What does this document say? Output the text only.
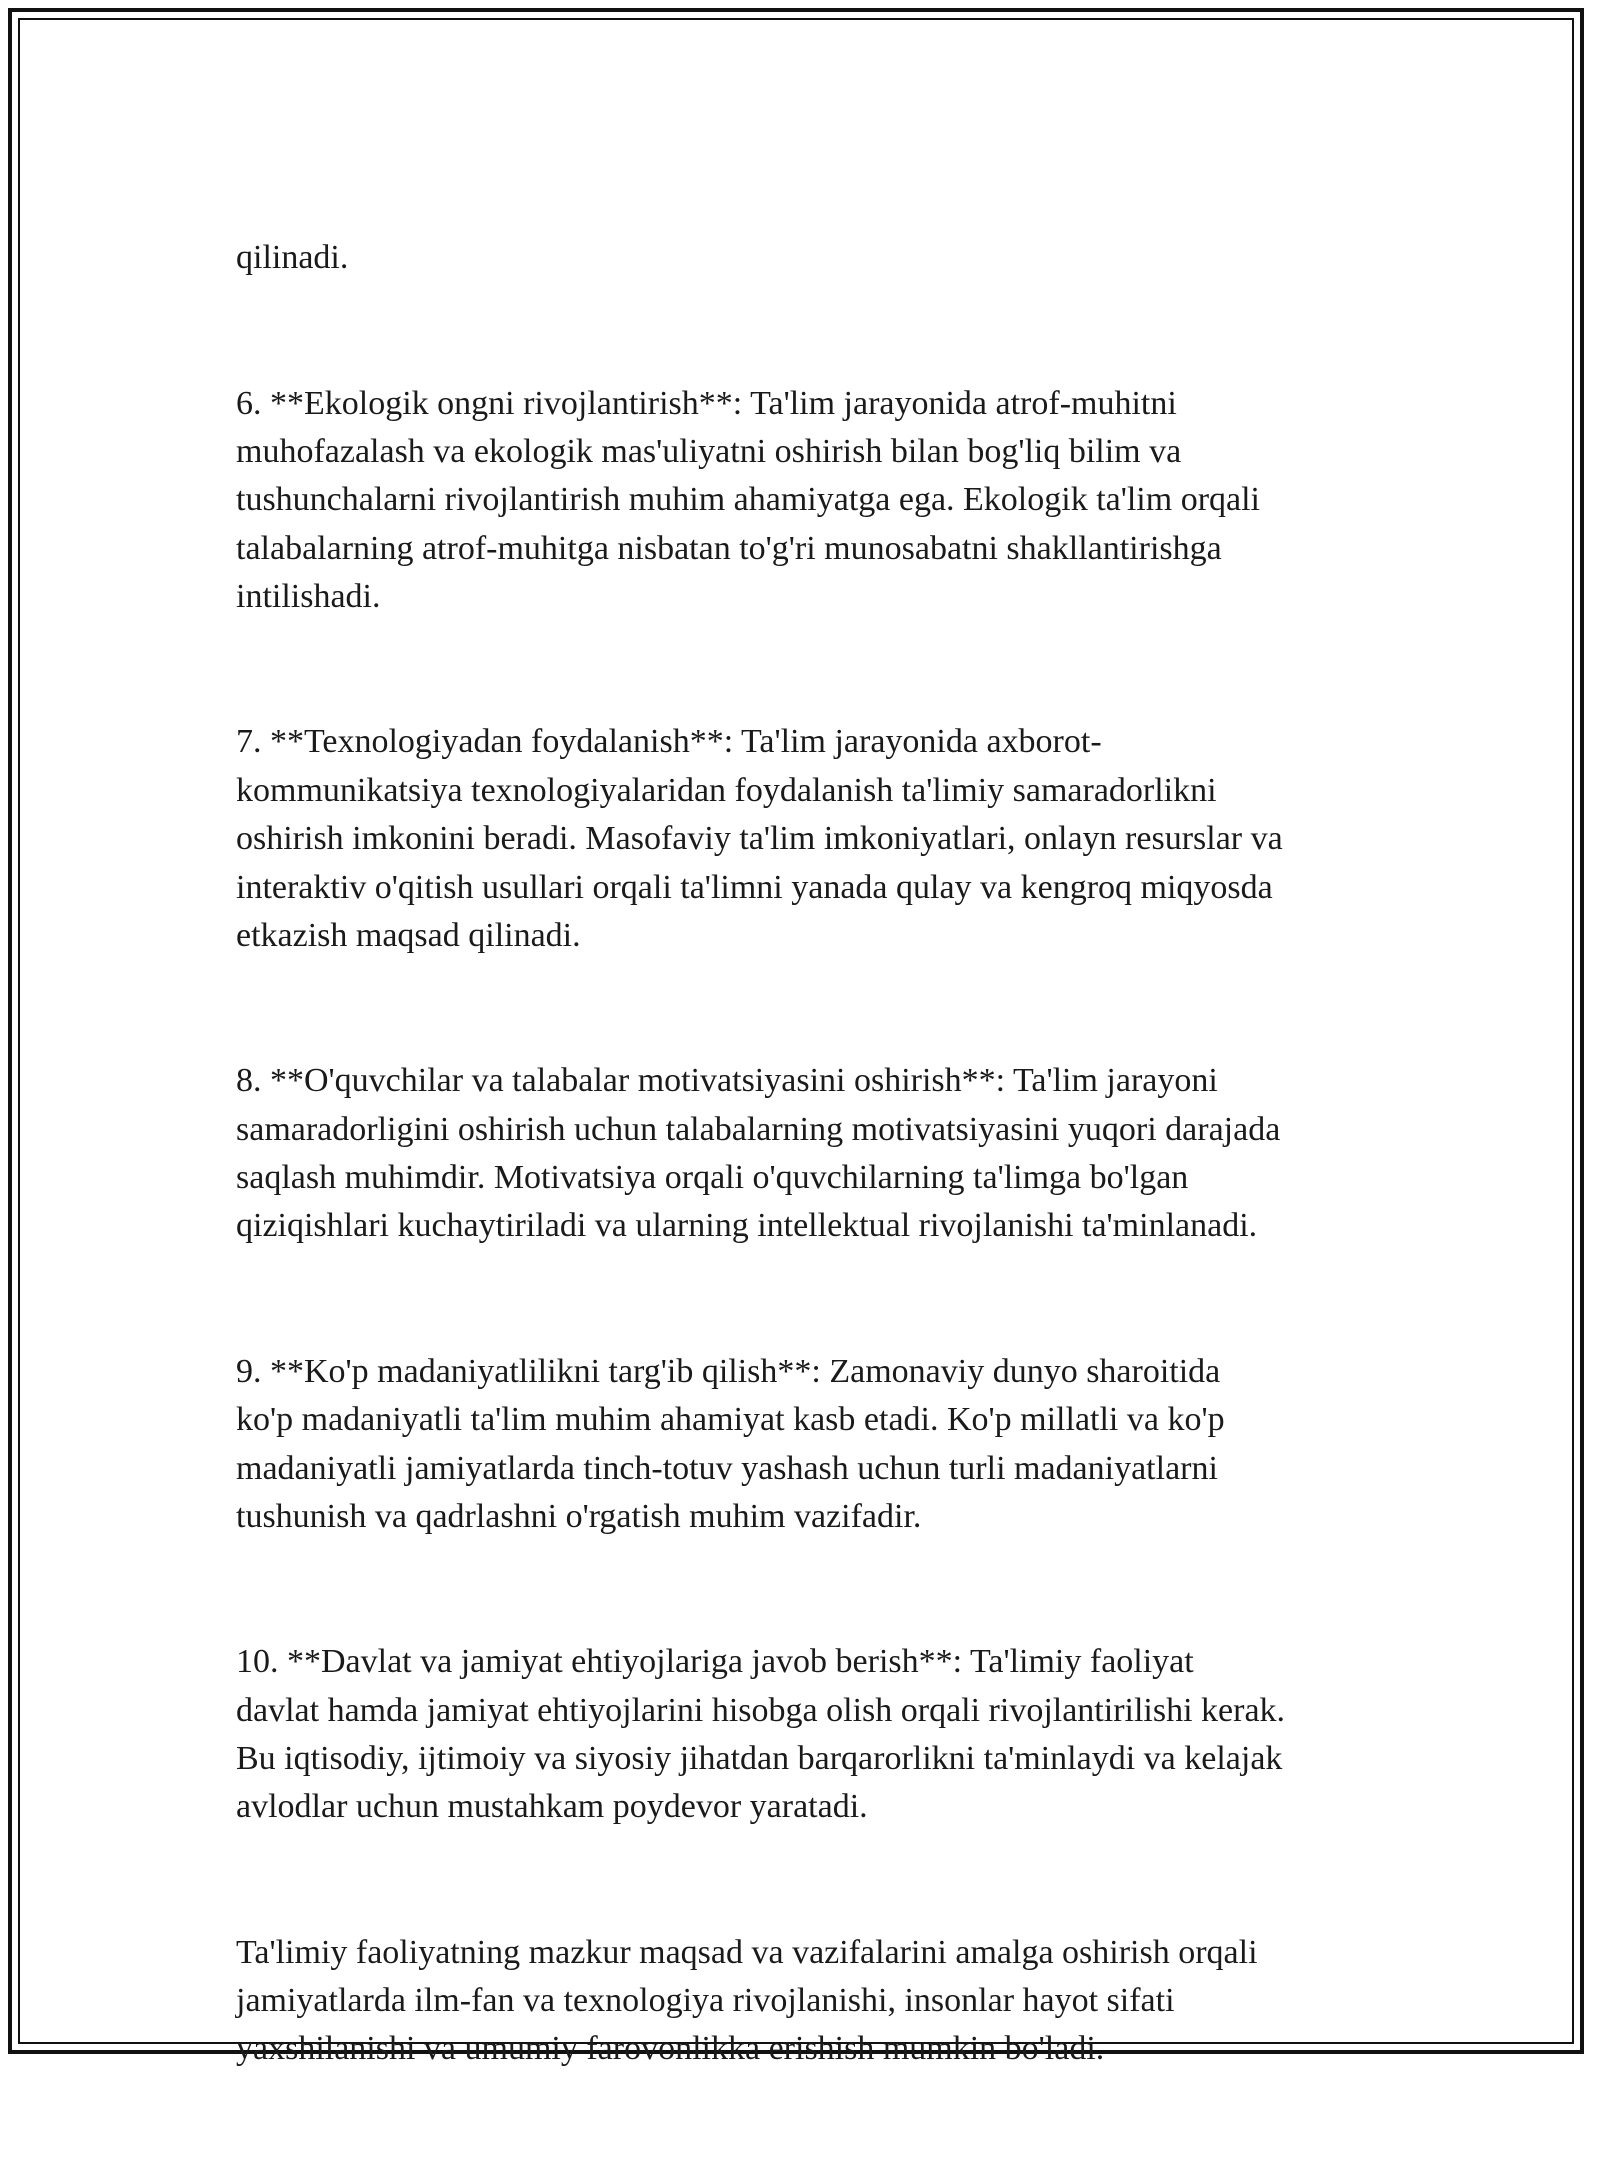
qilinadi.

6. **Ekologik ongni rivojlantirish**: Ta'lim jarayonida atrof-muhitni
muhofazalash va ekologik mas'uliyatni oshirish bilan bog'liq bilim va
tushunchalarni rivojlantirish muhim ahamiyatga ega. Ekologik ta'lim orqali
talabalarning atrof-muhitga nisbatan to'g'ri munosabatni shakllantirishga
intilishadi.

7. **Texnologiyadan foydalanish**: Ta'lim jarayonida axborot-
kommunikatsiya texnologiyalaridan foydalanish ta'limiy samaradorlikni
oshirish imkonini beradi. Masofaviy ta'lim imkoniyatlari, onlayn resurslar va
interaktiv o'qitish usullari orqali ta'limni yanada qulay va kengroq miqyosda
etkazish maqsad qilinadi.

8. **O'quvchilar va talabalar motivatsiyasini oshirish**: Ta'lim jarayoni
samaradorligini oshirish uchun talabalarning motivatsiyasini yuqori darajada
saqlash muhimdir. Motivatsiya orqali o'quvchilarning ta'limga bo'lgan
qiziqishlari kuchaytiriladi va ularning intellektual rivojlanishi ta'minlanadi.

9. **Ko'p madaniyatlilikni targ'ib qilish**: Zamonaviy dunyo sharoitida
ko'p madaniyatli ta'lim muhim ahamiyat kasb etadi. Ko'p millatli va ko'p
madaniyatli jamiyatlarda tinch-totuv yashash uchun turli madaniyatlarni
tushunish va qadrlashni o'rgatish muhim vazifadir.

10. **Davlat va jamiyat ehtiyojlariga javob berish**: Ta'limiy faoliyat
davlat hamda jamiyat ehtiyojlarini hisobga olish orqali rivojlantirilishi kerak.
Bu iqtisodiy, ijtimoiy va siyosiy jihatdan barqarorlikni ta'minlaydi va kelajak
avlodlar uchun mustahkam poydevor yaratadi.

Ta'limiy faoliyatning mazkur maqsad va vazifalarini amalga oshirish orqali
jamiyatlarda ilm-fan va texnologiya rivojlanishi, insonlar hayot sifati
yaxshilanishi va umumiy farovonlikka erishish mumkin bo'ladi.
